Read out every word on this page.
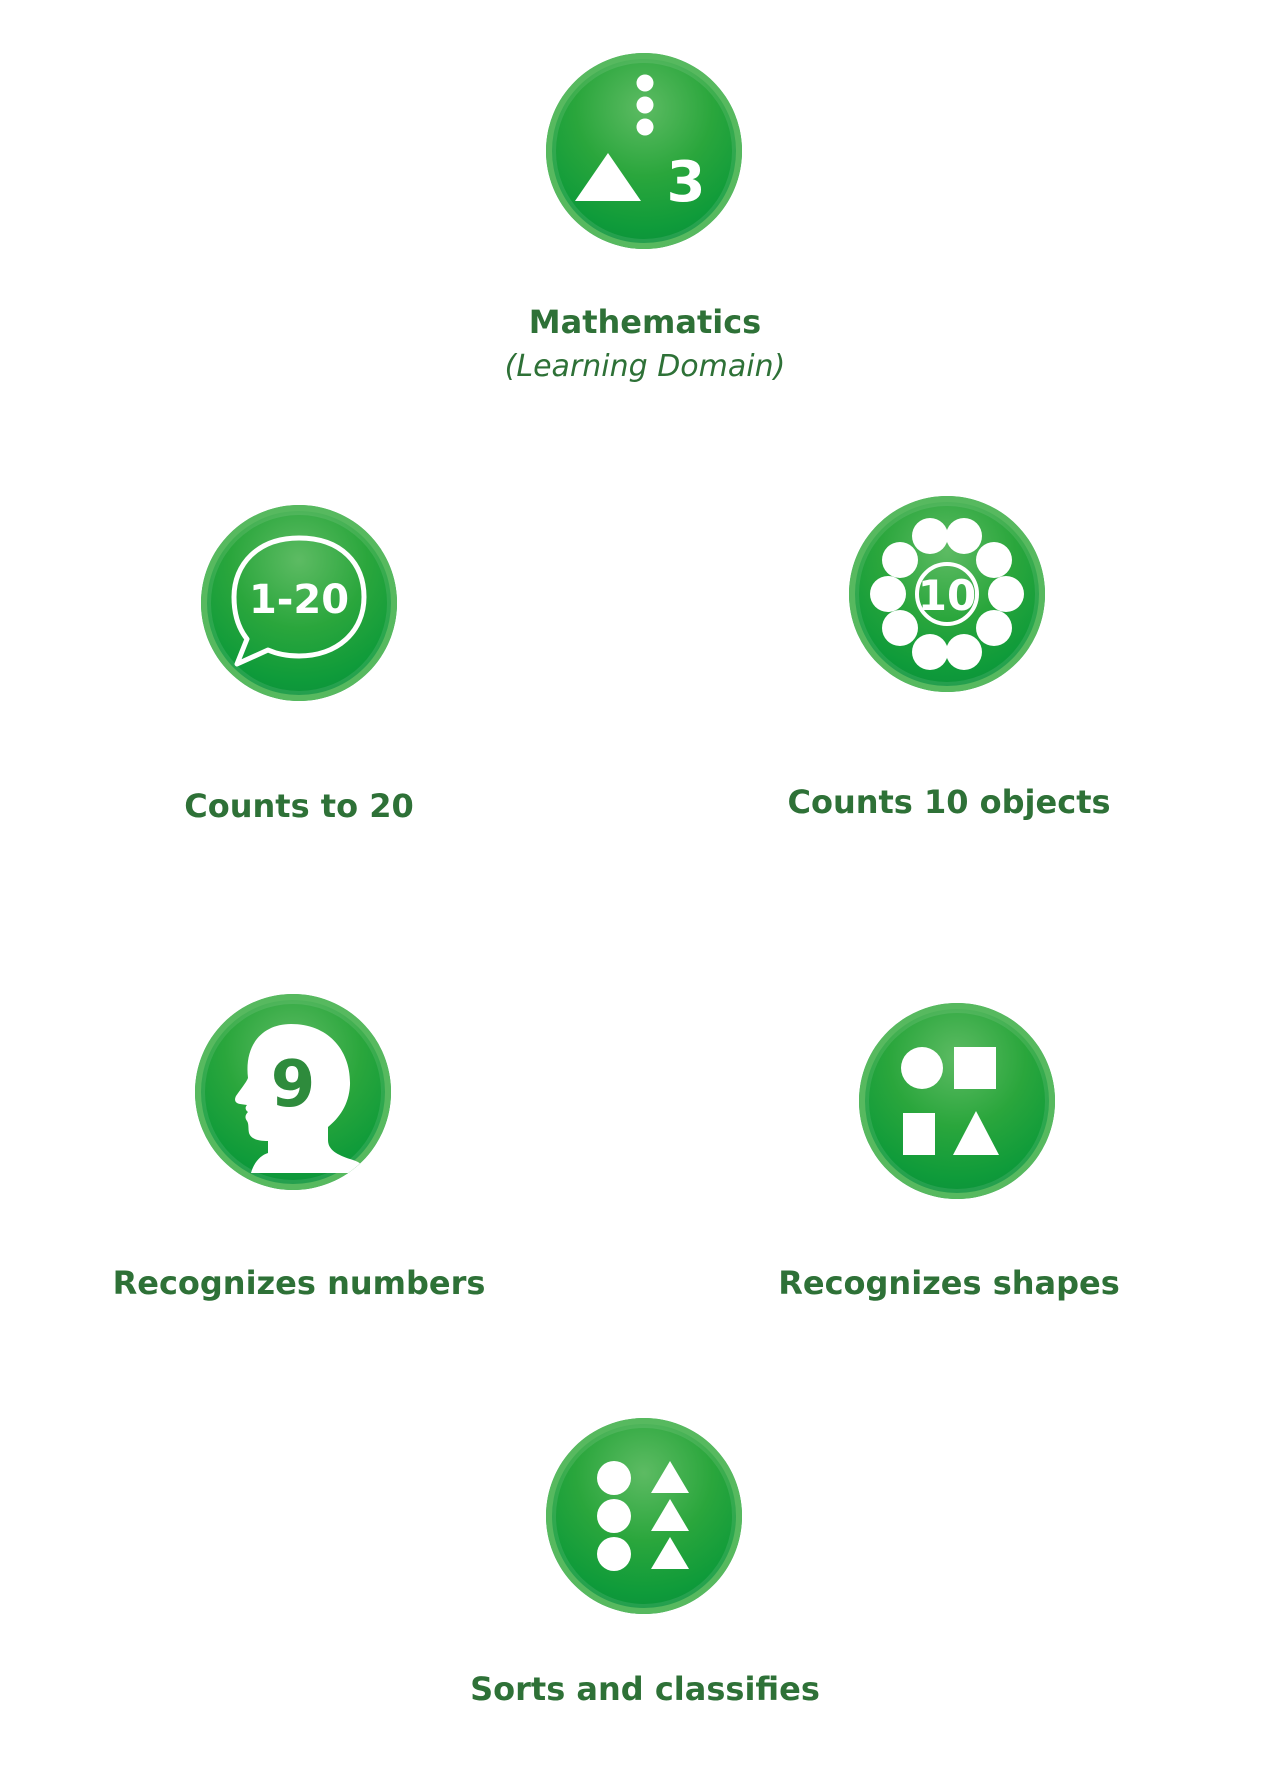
3
Mathematics
(Learning Domain)
1-20
Counts to 20
10
Counts 10 objects
9
Recognizes numbers	Recognizes shapes
Sorts and classifies
